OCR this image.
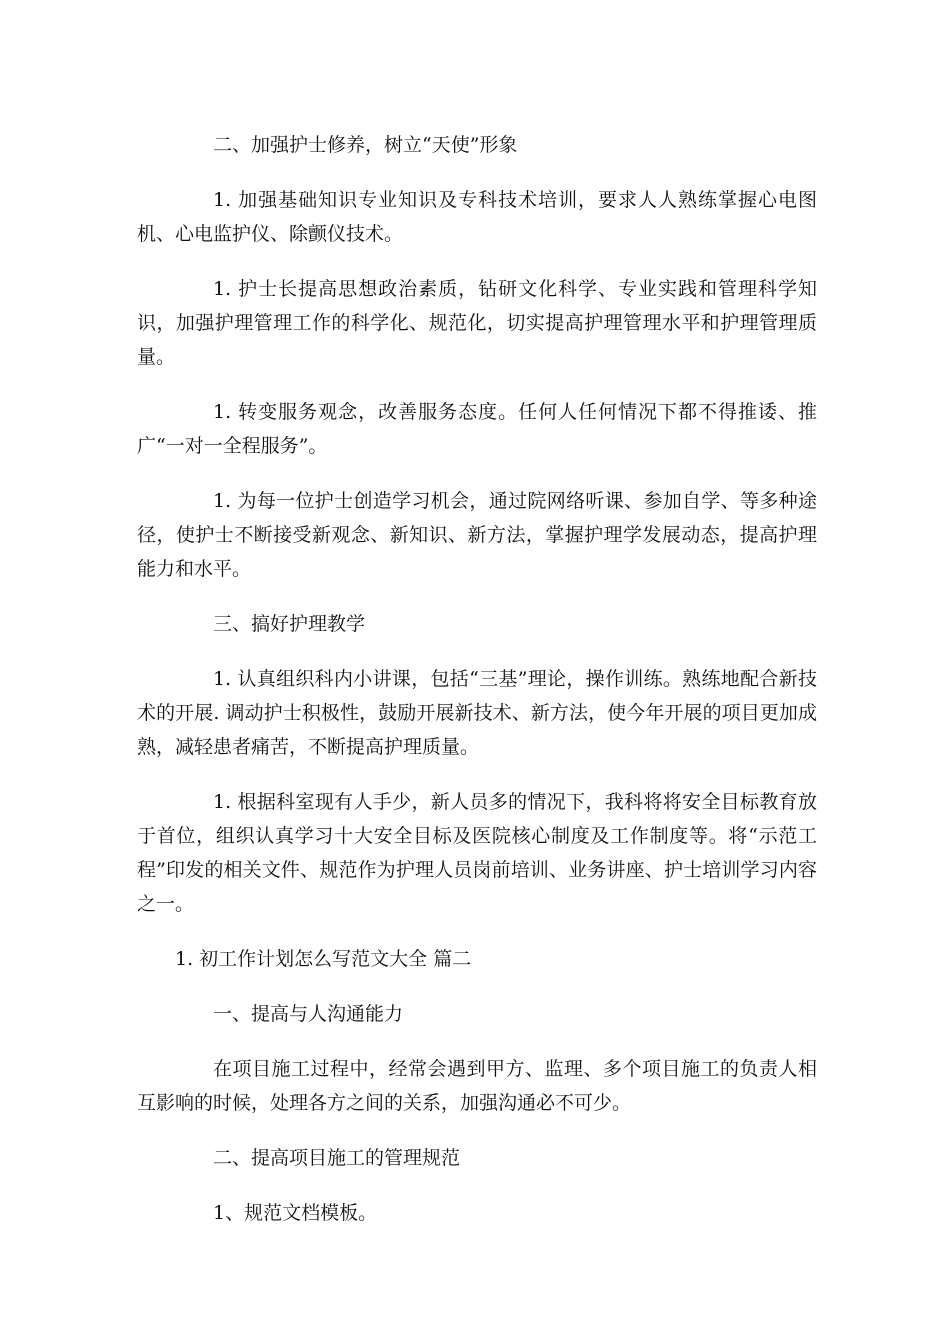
二、加强护士修养，树立“天使”形象

1. 加强基础知识专业知识及专科技术培训，要求人人熟练掌握心电图机、心电监护仪、除颤仪技术。

1. 护士长提高思想政治素质，钻研文化科学、专业实践和管理科学知识，加强护理管理工作的科学化、规范化，切实提高护理管理水平和护理管理质量。

1. 转变服务观念，改善服务态度。任何人任何情况下都不得推诿、推广“一对一全程服务”。

1. 为每一位护士创造学习机会，通过院网络听课、参加自学、等多种途径，使护士不断接受新观念、新知识、新方法，掌握护理学发展动态，提高护理能力和水平。

三、搞好护理教学

1. 认真组织科内小讲课，包括“三基”理论，操作训练。熟练地配合新技术的开展. 调动护士积极性，鼓励开展新技术、新方法，使今年开展的项目更加成熟，减轻患者痛苦，不断提高护理质量。

1. 根据科室现有人手少，新人员多的情况下，我科将将安全目标教育放于首位，组织认真学习十大安全目标及医院核心制度及工作制度等。将“示范工程”印发的相关文件、规范作为护理人员岗前培训、业务讲座、护士培训学习内容之一。

1. 初工作计划怎么写范文大全 篇二

一、提高与人沟通能力

在项目施工过程中，经常会遇到甲方、监理、多个项目施工的负责人相互影响的时候，处理各方之间的关系，加强沟通必不可少。

二、提高项目施工的管理规范

1、规范文档模板。
